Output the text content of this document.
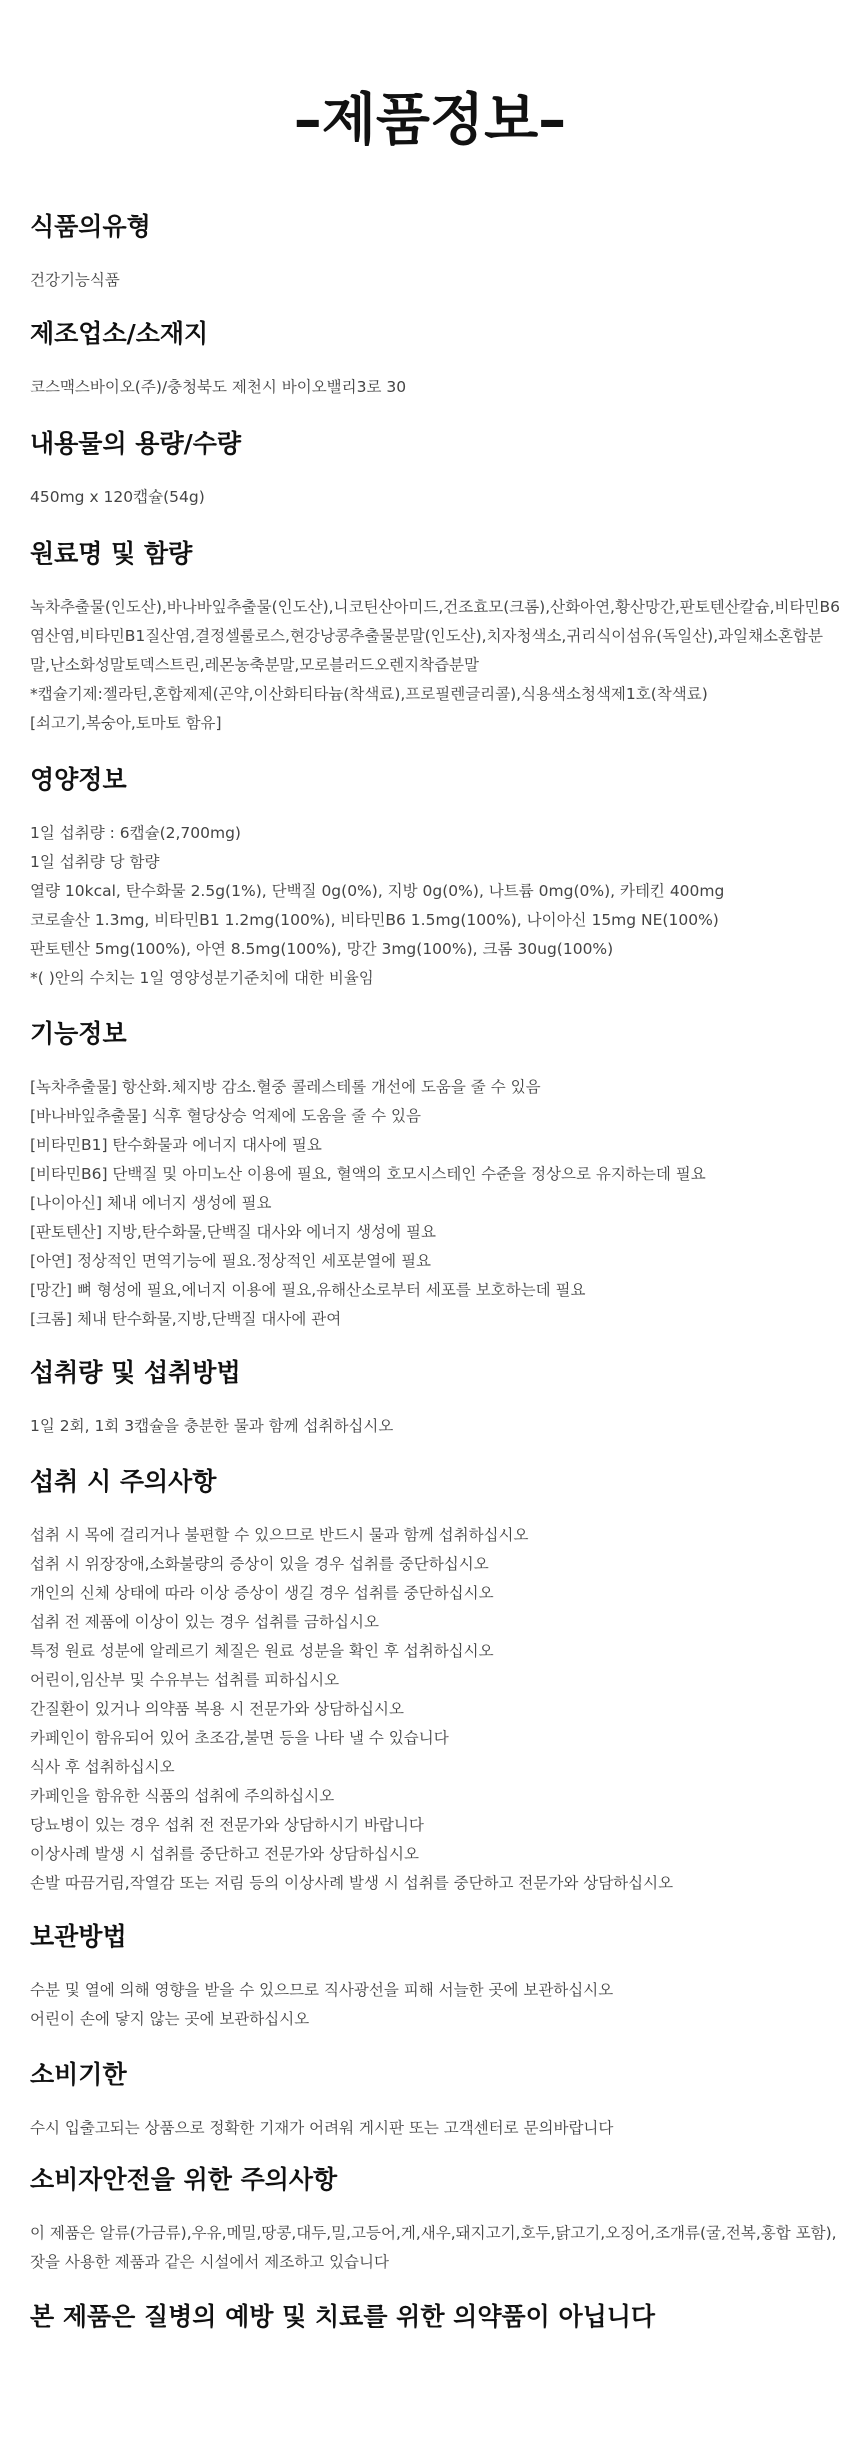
–제품정보–
식품의유형

건강기능식품

제조업소/소재지

코스맥스바이오(주)/충청북도 제천시 바이오밸리3로 30

내용물의 용량/수량

450mg x 120캡슐(54g)

원료명 및 함량

녹차추출물(인도산),바나바잎추출물(인도산),니코틴산아미드,건조효모(크롬),산화아연,황산망간,판토텐산칼슘,비타민B6염산염,비타민B1질산염,결정셀룰로스,현강낭콩추출물분말(인도산),치자청색소,귀리식이섬유(독일산),과일채소혼합분말,난소화성말토덱스트린,레몬농축분말,모로블러드오렌지착즙분말

*캡슐기제:젤라틴,혼합제제(곤약,이산화티타늄(착색료),프로필렌글리콜),식용색소청색제1호(착색료)

[쇠고기,복숭아,토마토 함유]

영양정보

1일 섭취량 : 6캡슐(2,700mg)

1일 섭취량 당 함량

열량 10kcal, 탄수화물 2.5g(1%), 단백질 0g(0%), 지방 0g(0%), 나트륨 0mg(0%), 카테킨 400mg

코로솔산 1.3mg, 비타민B1 1.2mg(100%), 비타민B6 1.5mg(100%), 나이아신 15mg NE(100%)

판토텐산 5mg(100%), 아연 8.5mg(100%), 망간 3mg(100%), 크롬 30ug(100%)

*( )안의 수치는 1일 영양성분기준치에 대한 비율임

기능정보

[녹차추출물] 항산화.체지방 감소.혈중 콜레스테롤 개선에 도움을 줄 수 있음

[바나바잎추출물] 식후 혈당상승 억제에 도움을 줄 수 있음

[비타민B1] 탄수화물과 에너지 대사에 필요

[비타민B6] 단백질 및 아미노산 이용에 필요, 혈액의 호모시스테인 수준을 정상으로 유지하는데 필요

[나이아신] 체내 에너지 생성에 필요

[판토텐산] 지방,탄수화물,단백질 대사와 에너지 생성에 필요

[아연] 정상적인 면역기능에 필요.정상적인 세포분열에 필요

[망간] 뼈 형성에 필요,에너지 이용에 필요,유해산소로부터 세포를 보호하는데 필요

[크롬] 체내 탄수화물,지방,단백질 대사에 관여

섭취량 및 섭취방법

1일 2회, 1회 3캡슐을 충분한 물과 함께 섭취하십시오

섭취 시 주의사항

섭취 시 목에 걸리거나 불편할 수 있으므로 반드시 물과 함께 섭취하십시오

섭취 시 위장장애,소화불량의 증상이 있을 경우 섭취를 중단하십시오

개인의 신체 상태에 따라 이상 증상이 생길 경우 섭취를 중단하십시오

섭취 전 제품에 이상이 있는 경우 섭취를 금하십시오

특정 원료 성분에 알레르기 체질은 원료 성분을 확인 후 섭취하십시오

어린이,임산부 및 수유부는 섭취를 피하십시오

간질환이 있거나 의약품 복용 시 전문가와 상담하십시오

카페인이 함유되어 있어 초조감,불면 등을 나타 낼 수 있습니다

식사 후 섭취하십시오

카페인을 함유한 식품의 섭취에 주의하십시오

당뇨병이 있는 경우 섭취 전 전문가와 상담하시기 바랍니다

이상사례 발생 시 섭취를 중단하고 전문가와 상담하십시오

손발 따끔거림,작열감 또는 저림 등의 이상사례 발생 시 섭취를 중단하고 전문가와 상담하십시오

보관방법

수분 및 열에 의해 영향을 받을 수 있으므로 직사광선을 피해 서늘한 곳에 보관하십시오

어린이 손에 닿지 않는 곳에 보관하십시오

소비기한

수시 입출고되는 상품으로 정확한 기재가 어려워 게시판 또는 고객센터로 문의바랍니다

소비자안전을 위한 주의사항

이 제품은 알류(가금류),우유,메밀,땅콩,대두,밀,고등어,게,새우,돼지고기,호두,닭고기,오징어,조개류(굴,전복,홍합 포함),잣을 사용한 제품과 같은 시설에서 제조하고 있습니다

본 제품은 질병의 예방 및 치료를 위한 의약품이 아닙니다
